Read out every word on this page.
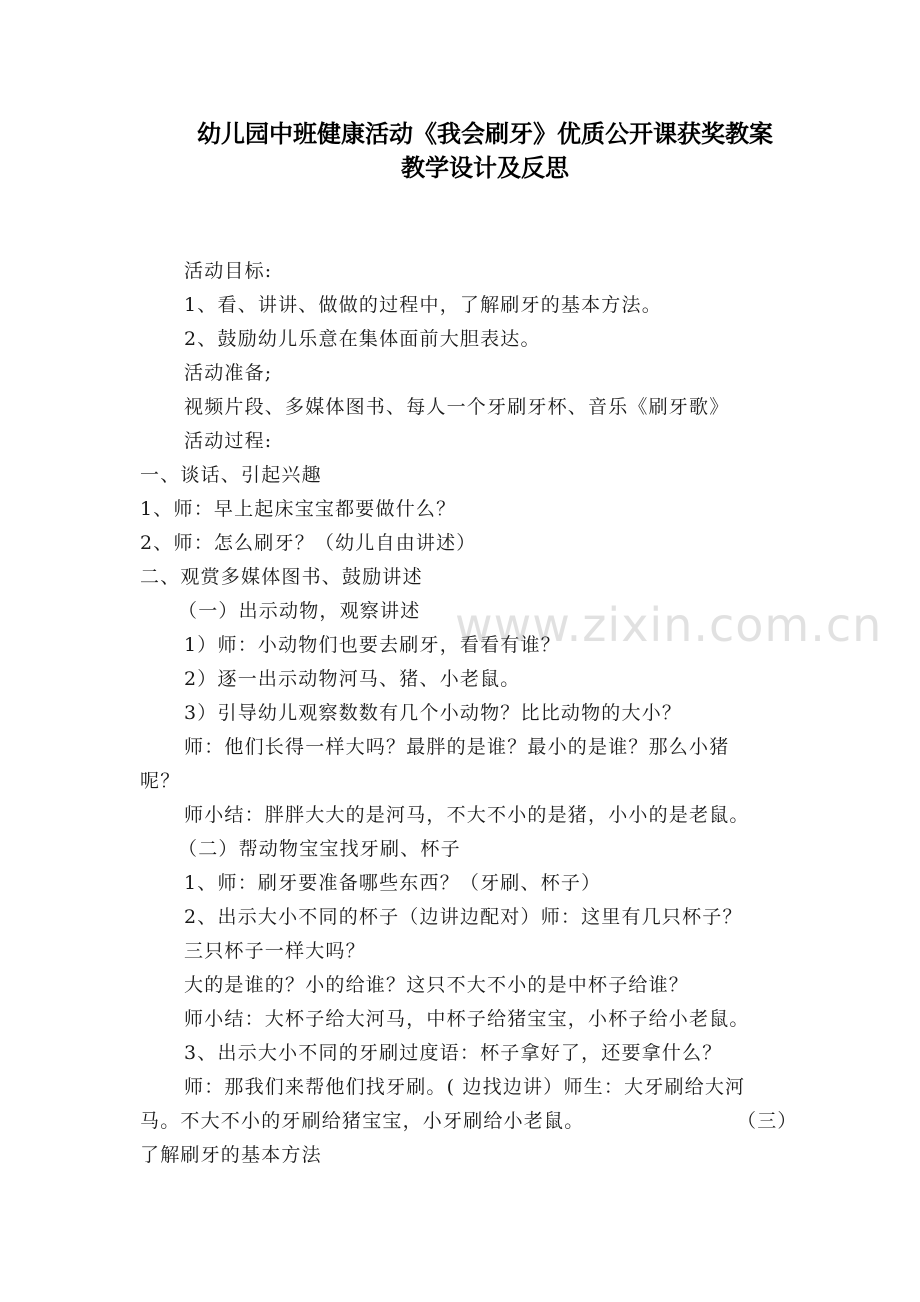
幼儿园中班健康活动《我会刷牙》优质公开课获奖教案
教学设计及反思
www.zixin.com.cn
活动目标:
1、看、讲讲、做做的过程中，了解刷牙的基本方法。
2、鼓励幼儿乐意在集体面前大胆表达。
活动准备;
视频片段、多媒体图书、每人一个牙刷牙杯、音乐《刷牙歌》
活动过程:
一、谈话、引起兴趣
1、师：早上起床宝宝都要做什么？
2、师：怎么刷牙？（幼儿自由讲述）
二、观赏多媒体图书、鼓励讲述
（一）出示动物，观察讲述
1）师：小动物们也要去刷牙，看看有谁？
2）逐一出示动物河马、猪、小老鼠。
3）引导幼儿观察数数有几个小动物？比比动物的大小？
师：他们长得一样大吗？最胖的是谁？最小的是谁？那么小猪
呢？
师小结：胖胖大大的是河马，不大不小的是猪，小小的是老鼠。
（二）帮动物宝宝找牙刷、杯子
1、师：刷牙要准备哪些东西？（牙刷、杯子）
2、出示大小不同的杯子（边讲边配对）师：这里有几只杯子？
三只杯子一样大吗？
大的是谁的？小的给谁？这只不大不小的是中杯子给谁？
师小结：大杯子给大河马，中杯子给猪宝宝，小杯子给小老鼠。
3、出示大小不同的牙刷过度语：杯子拿好了，还要拿什么？
师：那我们来帮他们找牙刷。( 边找边讲）师生：大牙刷给大河
马。不大不小的牙刷给猪宝宝，小牙刷给小老鼠。	（三）
了解刷牙的基本方法
